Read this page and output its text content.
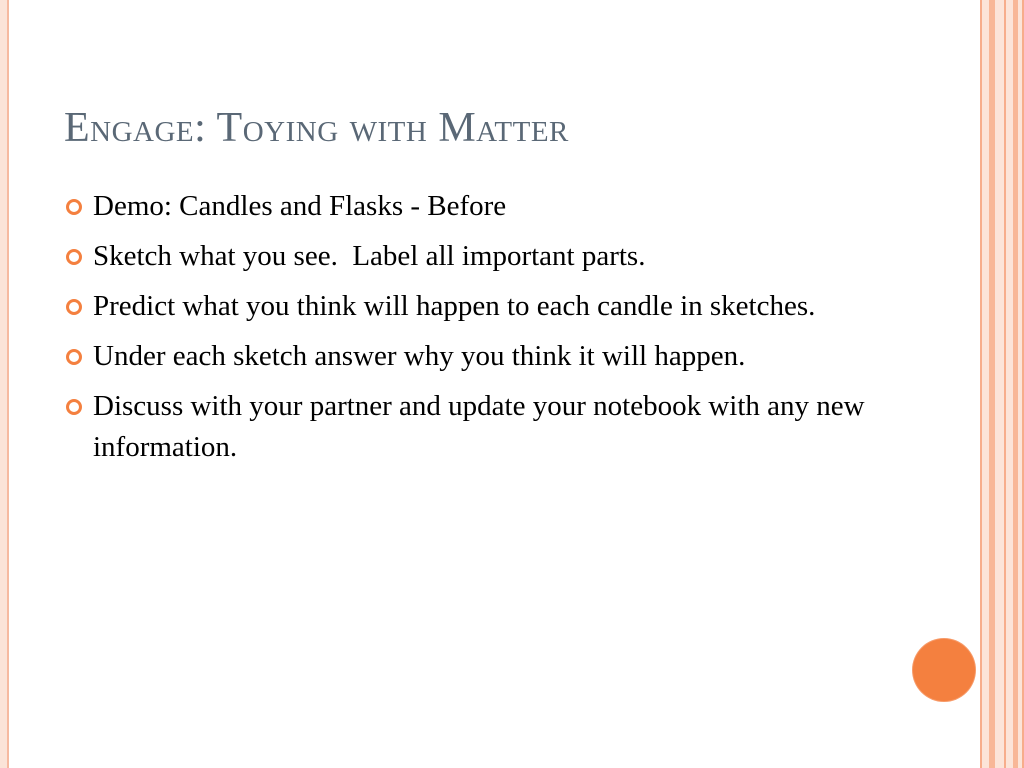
Engage: Toying with Matter
Demo: Candles and Flasks - Before
Sketch what you see.  Label all important parts.
Predict what you think will happen to each candle in sketches.
Under each sketch answer why you think it will happen.
Discuss with your partner and update your notebook with any new information.
